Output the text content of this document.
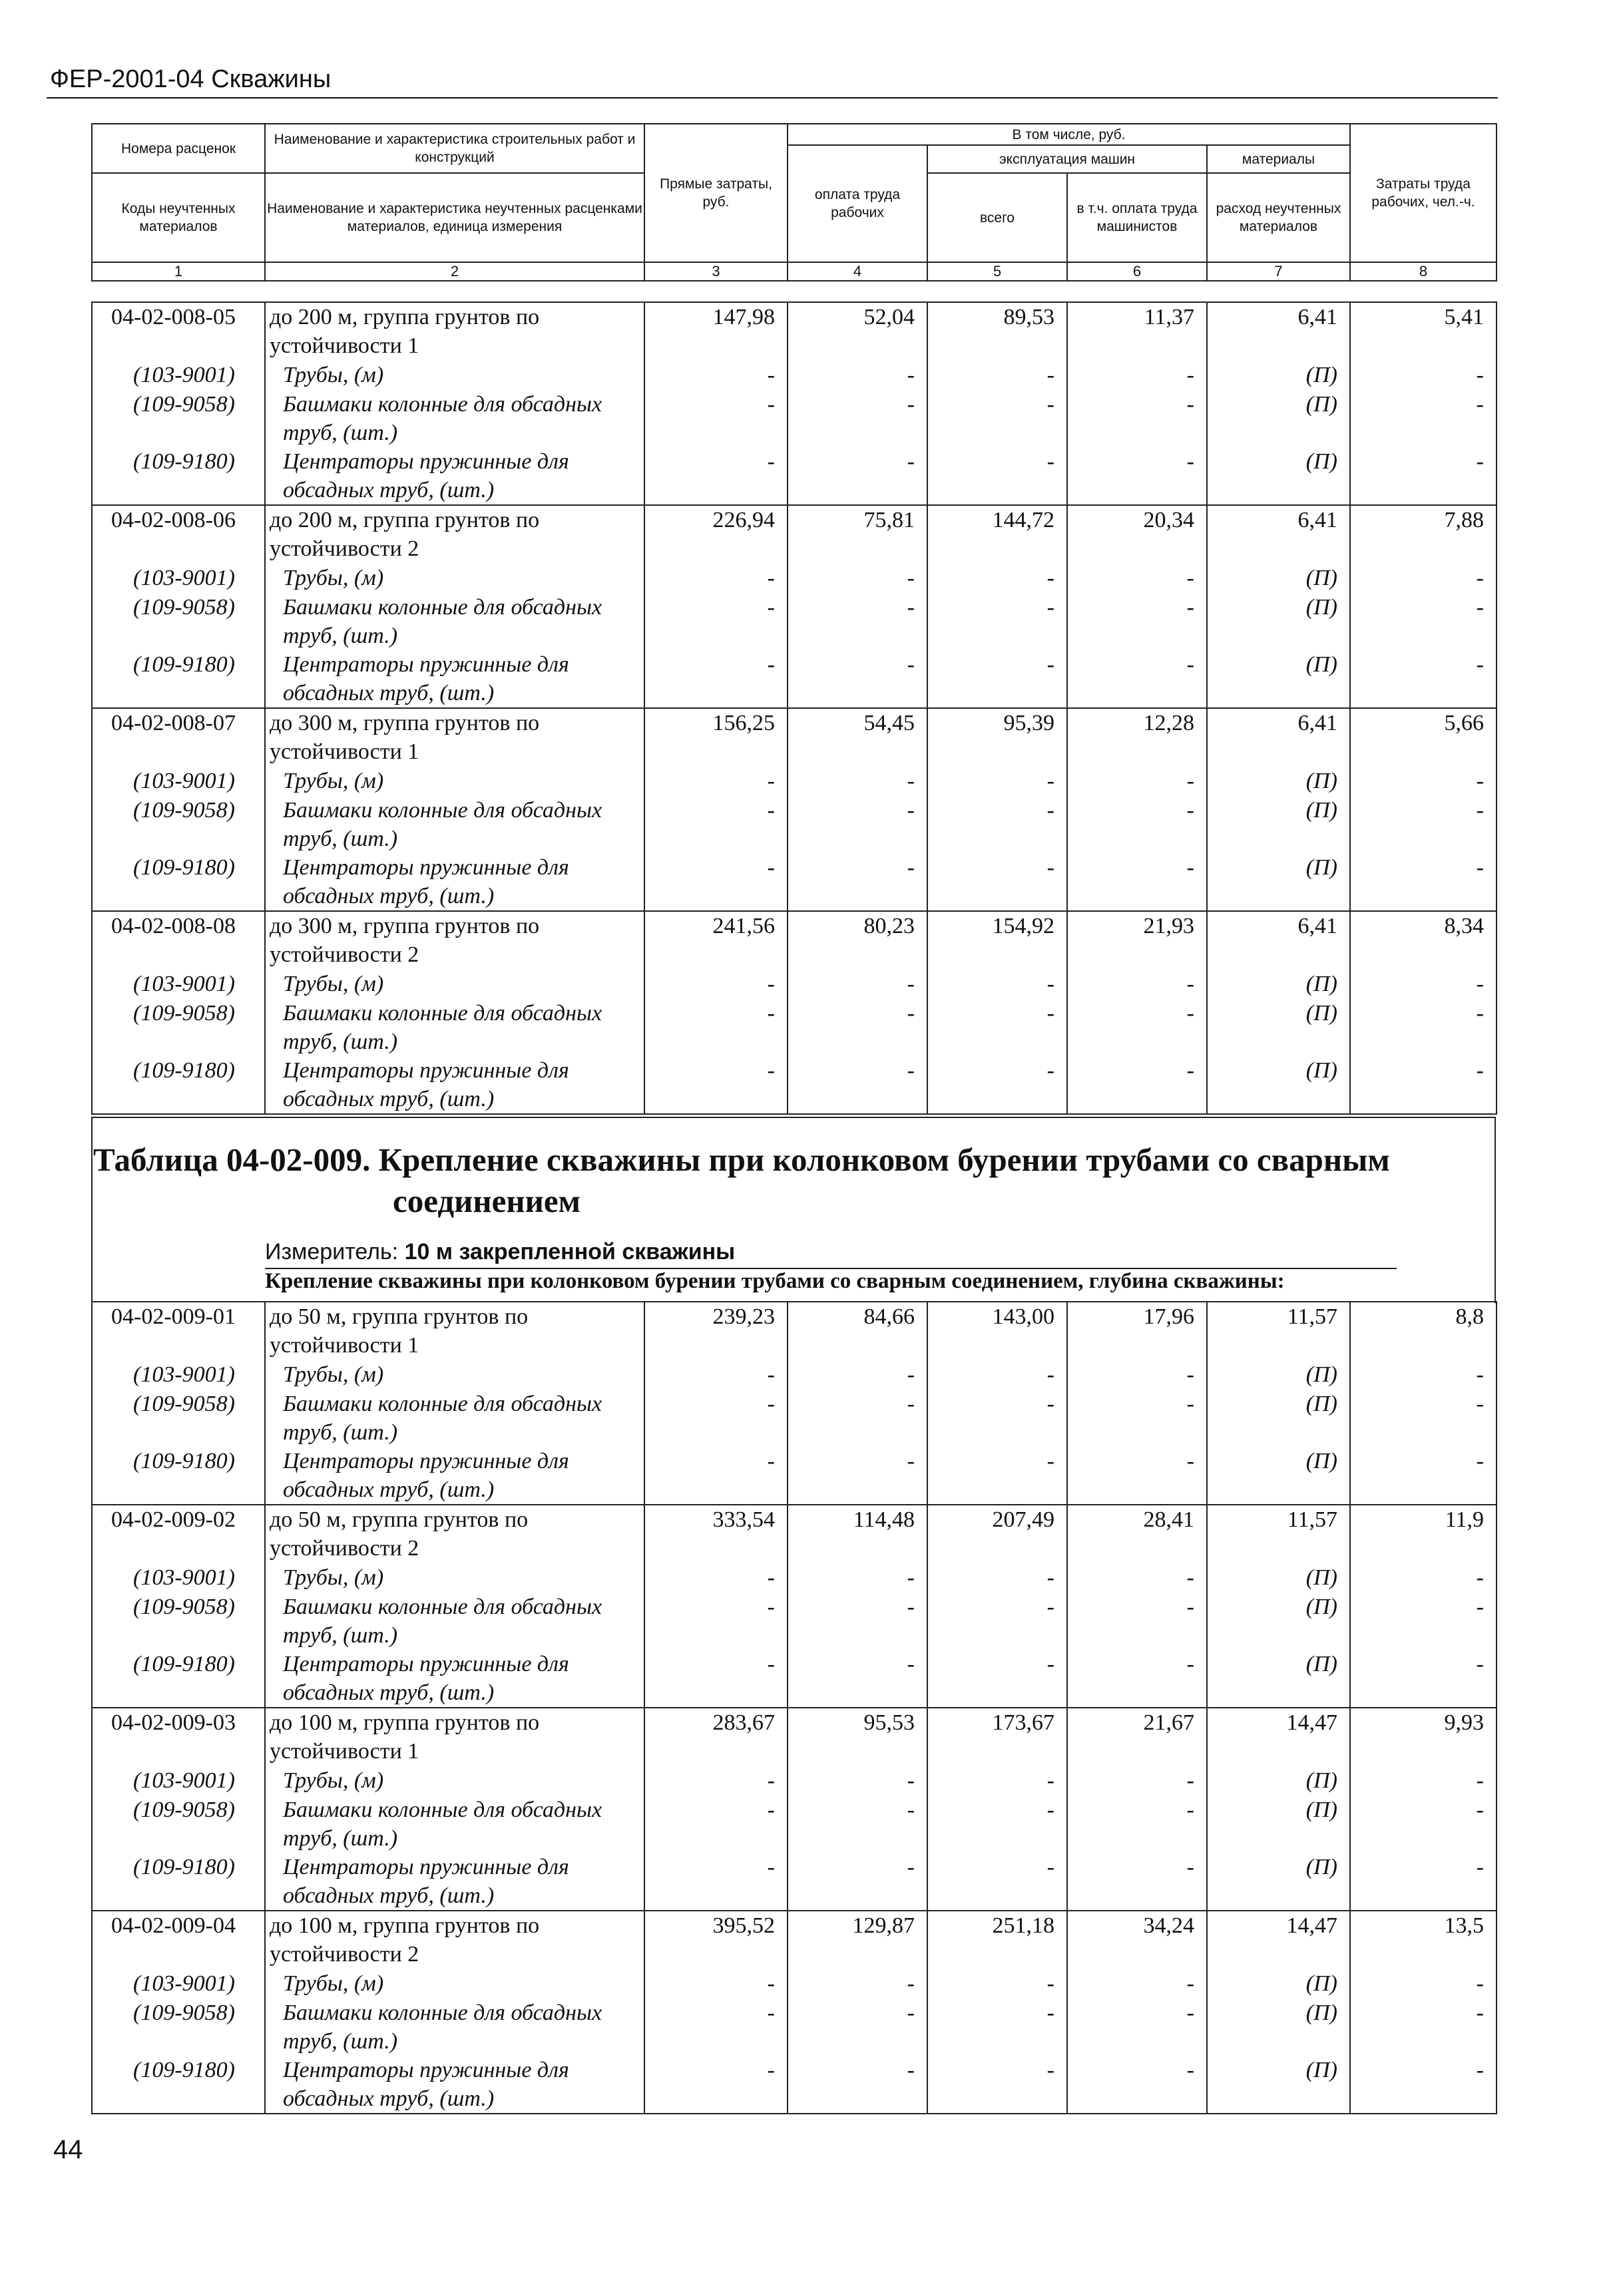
ФЕР-2001-04 Скважины
Номера расценок	Наименование и характеристика строительных работ и конструкций	Прямые затраты, руб.	В том числе, руб.				Затраты труда рабочих, чел.-ч.
			оплата труда рабочих	эксплуатация машин		материалы	
Коды неучтенных материалов	Наименование и характеристика неучтенных расценками материалов, единица измерения			всего	в т.ч. оплата труда машинистов	расход неучтенных материалов	

1	2	3	4	5	6	7	8
04-02-008-05	до 200 м, группа грунтов по устойчивости 1	147,98	52,04	89,53	11,37	6,41	5,41
(103-9001)	Трубы, (м)	-	-	-	-	(П)	-
(109-9058)	Башмаки колонные для обсадных труб, (шт.)	-	-	-	-	(П)	-
(109-9180)	Центраторы пружинные для обсадных труб, (шт.)	-	-	-	-	(П)	-
04-02-008-06	до 200 м, группа грунтов по устойчивости 2	226,94	75,81	144,72	20,34	6,41	7,88
(103-9001)	Трубы, (м)	-	-	-	-	(П)	-
(109-9058)	Башмаки колонные для обсадных труб, (шт.)	-	-	-	-	(П)	-
(109-9180)	Центраторы пружинные для обсадных труб, (шт.)	-	-	-	-	(П)	-
04-02-008-07	до 300 м, группа грунтов по устойчивости 1	156,25	54,45	95,39	12,28	6,41	5,66
(103-9001)	Трубы, (м)	-	-	-	-	(П)	-
(109-9058)	Башмаки колонные для обсадных труб, (шт.)	-	-	-	-	(П)	-
(109-9180)	Центраторы пружинные для обсадных труб, (шт.)	-	-	-	-	(П)	-
04-02-008-08	до 300 м, группа грунтов по устойчивости 2	241,56	80,23	154,92	21,93	6,41	8,34
(103-9001)	Трубы, (м)	-	-	-	-	(П)	-
(109-9058)	Башмаки колонные для обсадных труб, (шт.)	-	-	-	-	(П)	-
(109-9180)	Центраторы пружинные для обсадных труб, (шт.)	-	-	-	-	(П)	-
Таблица 04-02-009. Крепление скважины при колонковом бурении трубами со сварным
соединением
Измеритель: 10 м закрепленной скважины
Крепление скважины при колонковом бурении трубами со сварным соединением, глубина скважины:
04-02-009-01	до 50 м, группа грунтов по устойчивости 1	239,23	84,66	143,00	17,96	11,57	8,8
(103-9001)	Трубы, (м)	-	-	-	-	(П)	-
(109-9058)	Башмаки колонные для обсадных труб, (шт.)	-	-	-	-	(П)	-
(109-9180)	Центраторы пружинные для обсадных труб, (шт.)	-	-	-	-	(П)	-
04-02-009-02	до 50 м, группа грунтов по устойчивости 2	333,54	114,48	207,49	28,41	11,57	11,9
(103-9001)	Трубы, (м)	-	-	-	-	(П)	-
(109-9058)	Башмаки колонные для обсадных труб, (шт.)	-	-	-	-	(П)	-
(109-9180)	Центраторы пружинные для обсадных труб, (шт.)	-	-	-	-	(П)	-
04-02-009-03	до 100 м, группа грунтов по устойчивости 1	283,67	95,53	173,67	21,67	14,47	9,93
(103-9001)	Трубы, (м)	-	-	-	-	(П)	-
(109-9058)	Башмаки колонные для обсадных труб, (шт.)	-	-	-	-	(П)	-
(109-9180)	Центраторы пружинные для обсадных труб, (шт.)	-	-	-	-	(П)	-
04-02-009-04	до 100 м, группа грунтов по устойчивости 2	395,52	129,87	251,18	34,24	14,47	13,5
(103-9001)	Трубы, (м)	-	-	-	-	(П)	-
(109-9058)	Башмаки колонные для обсадных труб, (шт.)	-	-	-	-	(П)	-
(109-9180)	Центраторы пружинные для обсадных труб, (шт.)	-	-	-	-	(П)	-
44
